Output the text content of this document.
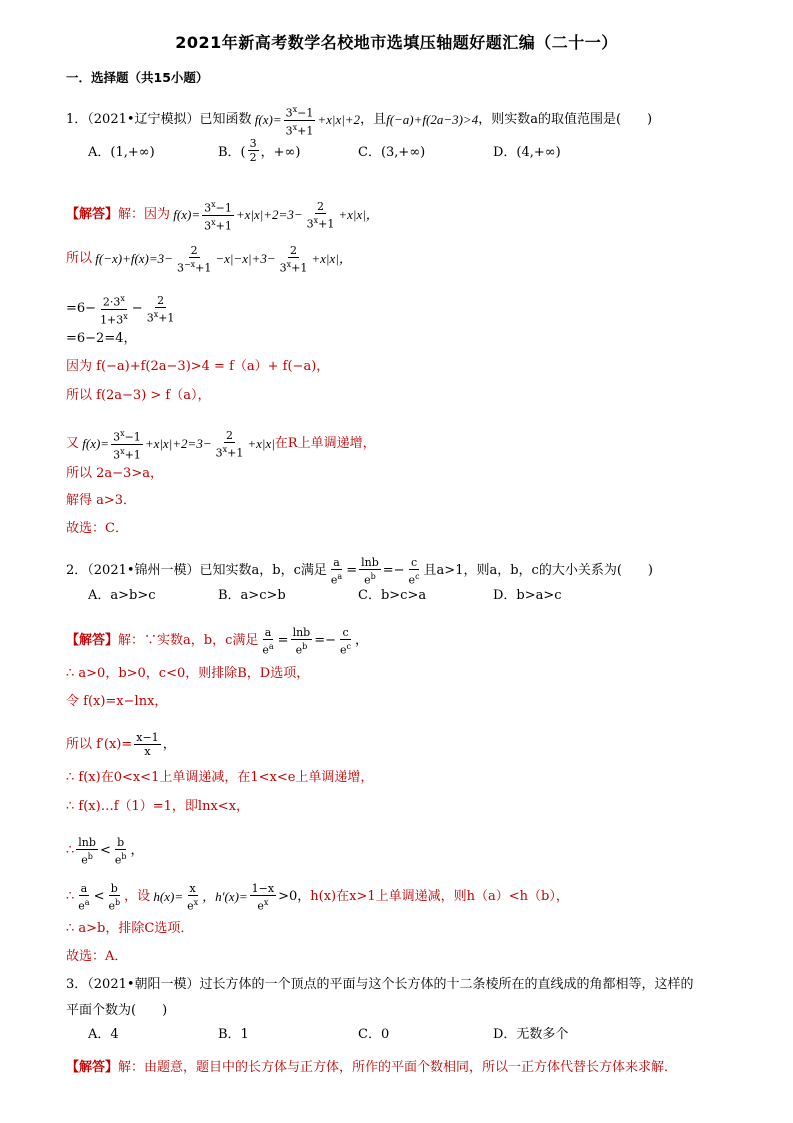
2021年新高考数学名校地市选填压轴题好题汇编（二十一）
一．选择题（共15小题）
1．（2021•辽宁模拟）已知函数 $f(x)= \frac{3^x-1}{3^x+1} +x|x|+2$ ，且 f(−a)+f(2a−3)>4 ，则实数a的取值范围是(　　)
A．(1,+∞)	B．( $\frac{3}{2}$ ，+∞)	C．(3,+∞)	D．(4,+∞)
【解答】 解：因为 $f(x)= \frac{3^x-1}{3^x+1} +x|x|+2=3- \frac{2}{3^x+1} +x|x|$，
所以 $f(-x)+f(x)=3- \frac{2}{3^{-x}+1} -x|-x|+3- \frac{2}{3^x+1} +x|x|$，
$=6- \frac{2\cdot 3^x}{1+3^x} - \frac{2}{3^x+1}$
=6−2=4，
因为 f(−a)+f(2a−3)>4 = f（a）+ f(−a)，
所以 f(2a−3) > f（a），
又 $f(x)= \frac{3^x-1}{3^x+1} +x|x|+2=3- \frac{2}{3^x+1} +x|x|$ 在R上单调递增，
所以 2a−3>a，
解得 a>3．
故选：C．
2．（2021•锦州一模）已知实数a，b，c满足 $\frac{a}{e^a} = \frac{\ln b}{e^b} =- \frac{c}{e^c}$ 且a>1，则a，b，c的大小关系为(　　)
A．a>b>c	B．a>c>b	C．b>c>a	D．b>a>c
【解答】 解：∵实数a，b，c满足 $\frac{a}{e^a} = \frac{\ln b}{e^b} =- \frac{c}{e^c}$ ，
∴ a>0，b>0，c<0，则排除B，D选项，
令 f(x)=x−lnx，
所以 $f'(x)= \frac{x-1}{x}$ ，
∴ f(x)在0<x<1上单调递减，在1<x<e上单调递增，
∴ f(x)…f（1）=1，即lnx<x，
∴ $\frac{\ln b}{e^b} < \frac{b}{e^b}$ ，
∴ $\frac{a}{e^a} < \frac{b}{e^b}$ ，设 $h(x)= \frac{x}{e^x}$ ，$h'(x)= \frac{1-x}{e^x} >0$， h(x)在x>1上单调递减，则h（a）<h（b），
∴ a>b，排除C选项．
故选：A．
3．（2021•朝阳一模）过长方体的一个顶点的平面与这个长方体的十二条棱所在的直线成的角都相等，这样的
平面个数为(　　)
A．4	B．1	C．0	D．无数多个
【解答】 解：由题意，题目中的长方体与正方体，所作的平面个数相同，所以一正方体代替长方体来求解．
